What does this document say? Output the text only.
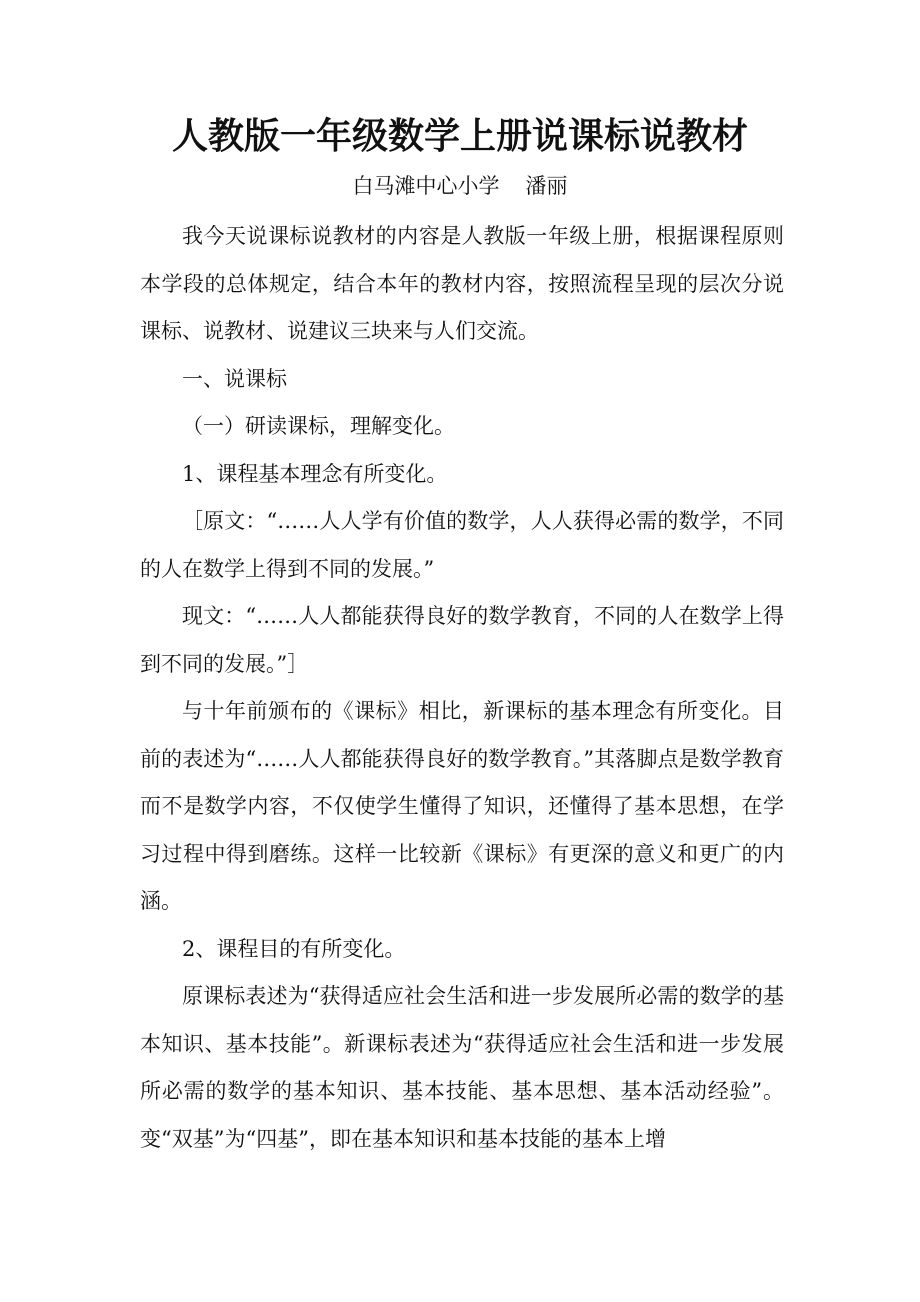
人教版一年级数学上册说课标说教材
白马滩中心小学 潘丽

我今天说课标说教材的内容是人教版一年级上册，根据课程原则本学段的总体规定，结合本年的教材内容，按照流程呈现的层次分说课标、说教材、说建议三块来与人们交流。

一、说课标

（一）研读课标，理解变化。

1、课程基本理念有所变化。

［原文：“……人人学有价值的数学，人人获得必需的数学，不同的人在数学上得到不同的发展。”

现文：“……人人都能获得良好的数学教育，不同的人在数学上得到不同的发展。”］

与十年前颁布的《课标》相比，新课标的基本理念有所变化。目前的表述为“……人人都能获得良好的数学教育。”其落脚点是数学教育而不是数学内容，不仅使学生懂得了知识，还懂得了基本思想，在学习过程中得到磨练。这样一比较新《课标》有更深的意义和更广的内涵。

2、课程目的有所变化。

原课标表述为“获得适应社会生活和进一步发展所必需的数学的基本知识、基本技能”。新课标表述为“获得适应社会生活和进一步发展所必需的数学的基本知识、基本技能、基本思想、基本活动经验”。变“双基”为“四基”，即在基本知识和基本技能的基本上增
